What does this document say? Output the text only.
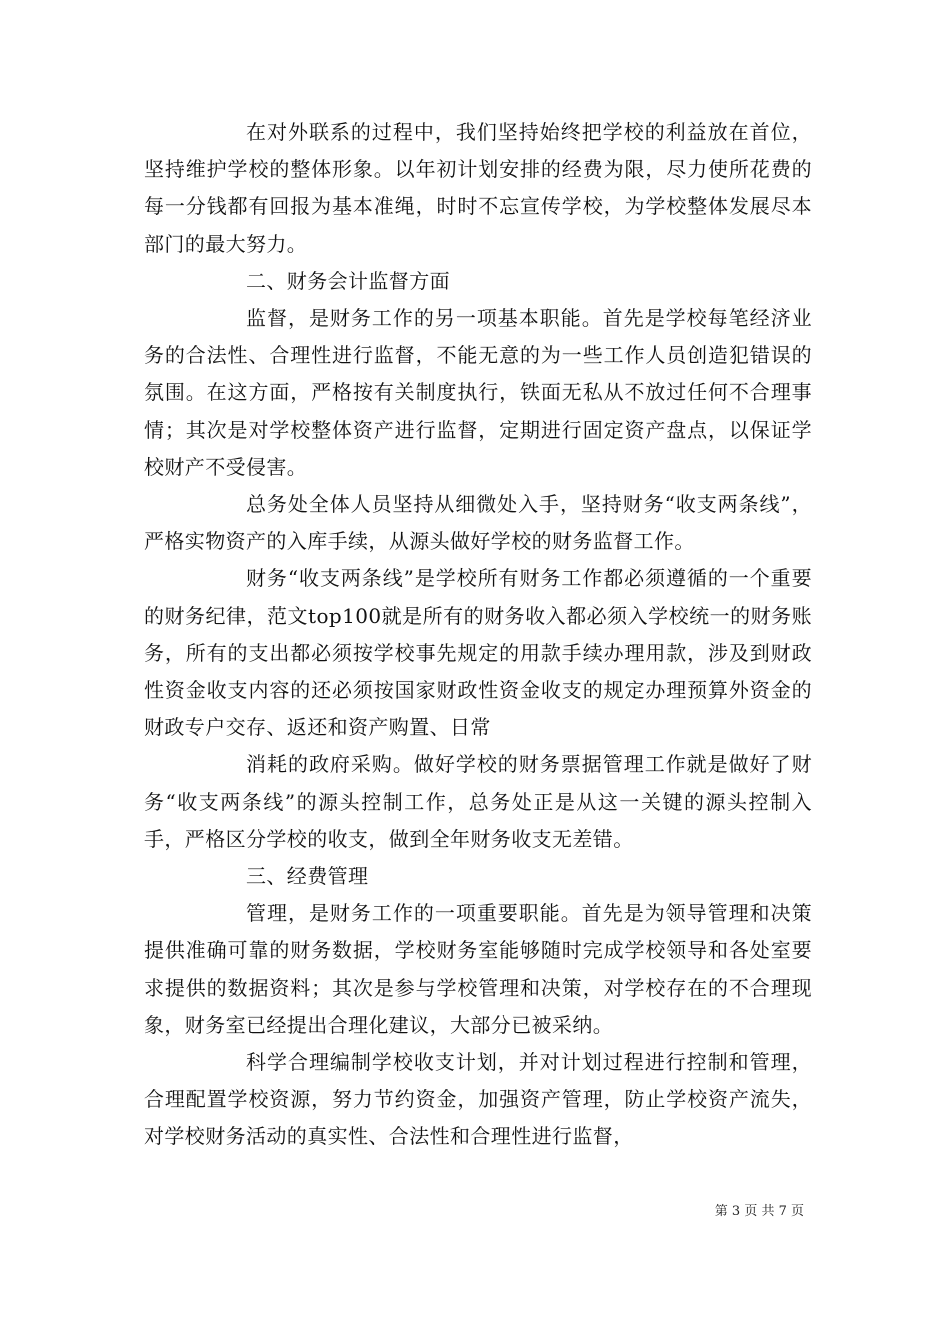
在对外联系的过程中，我们坚持始终把学校的利益放在首位，坚持维护学校的整体形象。以年初计划安排的经费为限，尽力使所花费的每一分钱都有回报为基本准绳，时时不忘宣传学校，为学校整体发展尽本部门的最大努力。

二、财务会计监督方面

监督，是财务工作的另一项基本职能。首先是学校每笔经济业务的合法性、合理性进行监督，不能无意的为一些工作人员创造犯错误的氛围。在这方面，严格按有关制度执行，铁面无私从不放过任何不合理事情；其次是对学校整体资产进行监督，定期进行固定资产盘点，以保证学校财产不受侵害。

总务处全体人员坚持从细微处入手，坚持财务“收支两条线”，严格实物资产的入库手续，从源头做好学校的财务监督工作。

财务“收支两条线”是学校所有财务工作都必须遵循的一个重要的财务纪律，范文top100就是所有的财务收入都必须入学校统一的财务账务，所有的支出都必须按学校事先规定的用款手续办理用款，涉及到财政性资金收支内容的还必须按国家财政性资金收支的规定办理预算外资金的财政专户交存、返还和资产购置、日常

消耗的政府采购。做好学校的财务票据管理工作就是做好了财务“收支两条线”的源头控制工作，总务处正是从这一关键的源头控制入手，严格区分学校的收支，做到全年财务收支无差错。

三、经费管理

管理，是财务工作的一项重要职能。首先是为领导管理和决策提供准确可靠的财务数据，学校财务室能够随时完成学校领导和各处室要求提供的数据资料；其次是参与学校管理和决策，对学校存在的不合理现象，财务室已经提出合理化建议，大部分已被采纳。

科学合理编制学校收支计划，并对计划过程进行控制和管理，合理配置学校资源，努力节约资金，加强资产管理，防止学校资产流失，对学校财务活动的真实性、合法性和合理性进行监督，

第 3 页 共 7 页
